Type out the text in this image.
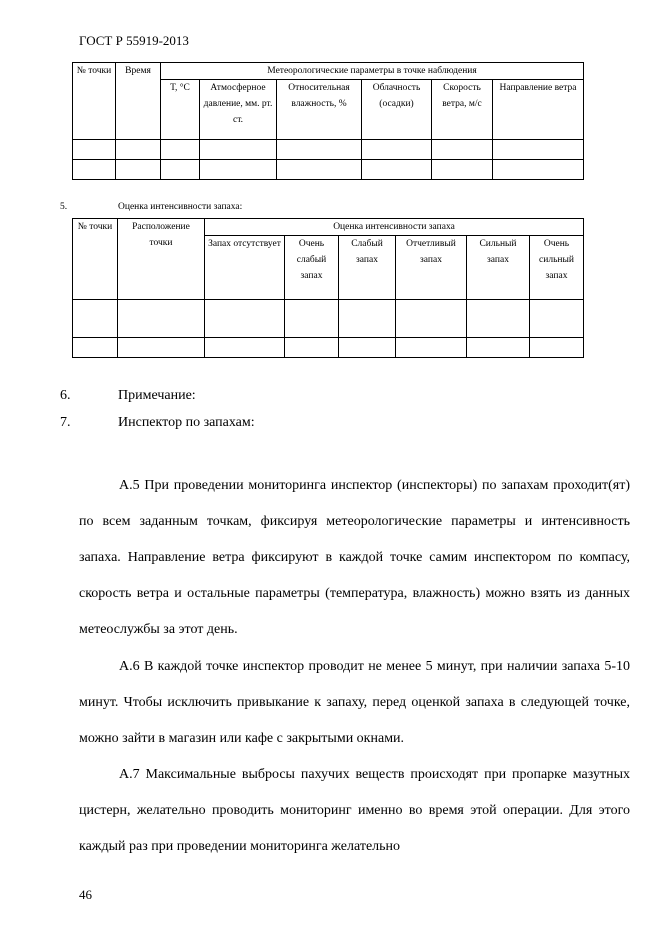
ГОСТ Р 55919-2013
№ точки	Время	Метеорологические параметры в точке наблюдения					
		Т, °С	Атмосферное давление, мм. рт. ст.	Относительная влажность, %	Облачность (осадки)	Скорость ветра, м/с	Направление ветра

5.	Оценка интенсивности запаха:
№ точки	Расположение точки	Оценка интенсивности запаха					
		Запах отсутствует	Очень слабый запах	Слабый запах	Отчетливый запах	Сильный запах	Очень сильный запах

6.	Примечание:
7.	Инспектор по запахам:

А.5 При проведении мониторинга инспектор (инспекторы) по запахам проходит(ят) по всем заданным точкам, фиксируя метеорологические параметры и интенсивность запаха. Направление ветра фиксируют в каждой точке самим инспектором по компасу, скорость ветра и остальные параметры (температура, влажность) можно взять из данных метеослужбы за этот день.

А.6 В каждой точке инспектор проводит не менее 5 минут, при наличии запаха 5-10 минут. Чтобы исключить привыкание к запаху, перед оценкой запаха в следующей точке, можно зайти в магазин или кафе с закрытыми окнами.

А.7 Максимальные выбросы пахучих веществ происходят при пропарке мазутных цистерн, желательно проводить мониторинг именно во время этой операции. Для этого каждый раз при проведении мониторинга желательно

46
